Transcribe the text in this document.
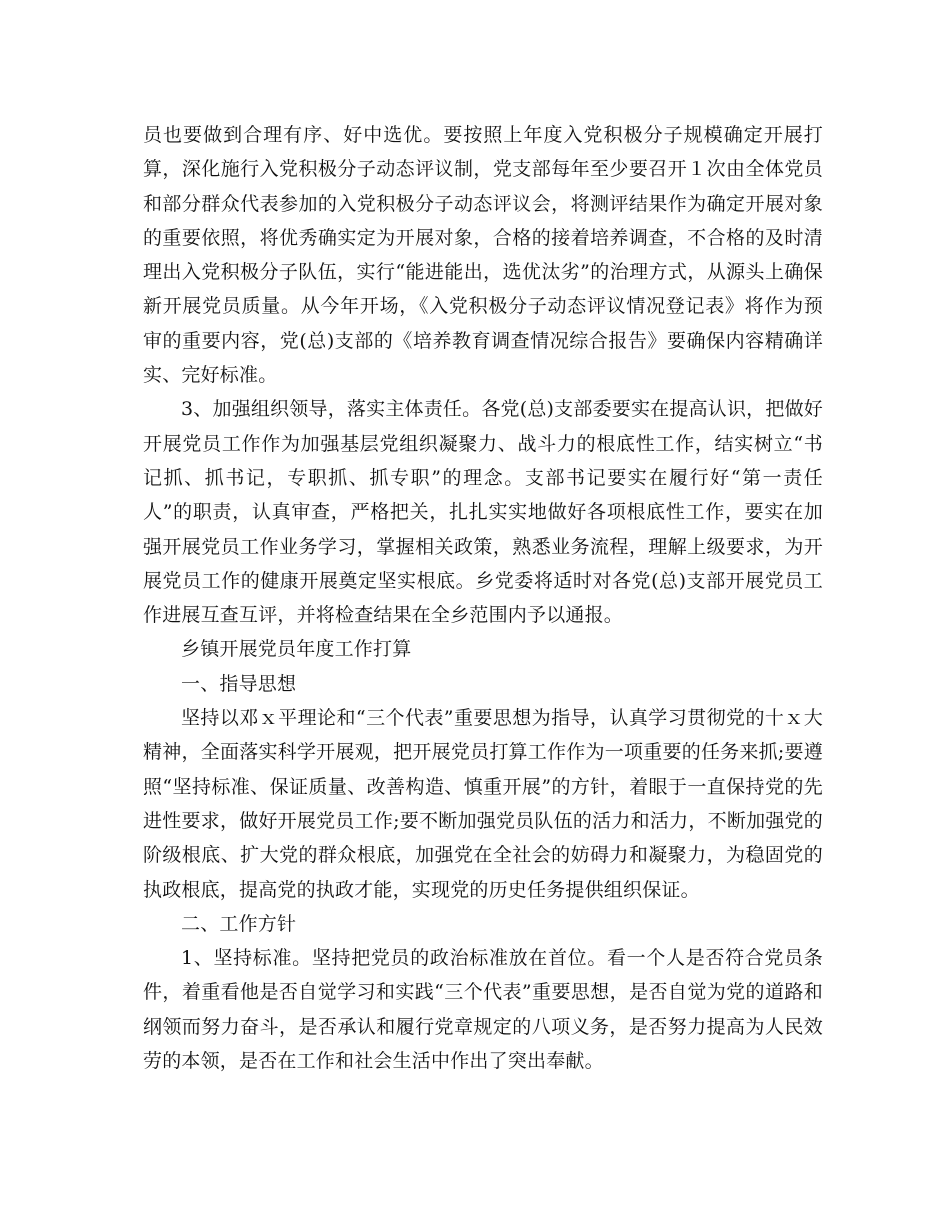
员也要做到合理有序、好中选优。要按照上年度入党积极分子规模确定开展打算，深化施行入党积极分子动态评议制，党支部每年至少要召开１次由全体党员和部分群众代表参加的入党积极分子动态评议会，将测评结果作为确定开展对象的重要依照，将优秀确实定为开展对象，合格的接着培养调查，不合格的及时清理出入党积极分子队伍，实行“能进能出，选优汰劣”的治理方式，从源头上确保新开展党员质量。从今年开场，《入党积极分子动态评议情况登记表》将作为预审的重要内容，党(总)支部的《培养教育调查情况综合报告》要确保内容精确详实、完好标准。

3、加强组织领导，落实主体责任。各党(总)支部委要实在提高认识，把做好开展党员工作作为加强基层党组织凝聚力、战斗力的根底性工作，结实树立“书记抓、抓书记，专职抓、抓专职”的理念。支部书记要实在履行好“第一责任人”的职责，认真审查，严格把关，扎扎实实地做好各项根底性工作，要实在加强开展党员工作业务学习，掌握相关政策，熟悉业务流程，理解上级要求，为开展党员工作的健康开展奠定坚实根底。乡党委将适时对各党(总)支部开展党员工作进展互查互评，并将检查结果在全乡范围内予以通报。

乡镇开展党员年度工作打算

一、指导思想

坚持以邓ｘ平理论和“三个代表”重要思想为指导，认真学习贯彻党的十ｘ大精神，全面落实科学开展观，把开展党员打算工作作为一项重要的任务来抓;要遵照“坚持标准、保证质量、改善构造、慎重开展”的方针，着眼于一直保持党的先进性要求，做好开展党员工作;要不断加强党员队伍的活力和活力，不断加强党的阶级根底、扩大党的群众根底，加强党在全社会的妨碍力和凝聚力，为稳固党的执政根底，提高党的执政才能，实现党的历史任务提供组织保证。

二、工作方针

1、坚持标准。坚持把党员的政治标准放在首位。看一个人是否符合党员条件，着重看他是否自觉学习和实践“三个代表”重要思想，是否自觉为党的道路和纲领而努力奋斗，是否承认和履行党章规定的八项义务，是否努力提高为人民效劳的本领，是否在工作和社会生活中作出了突出奉献。
